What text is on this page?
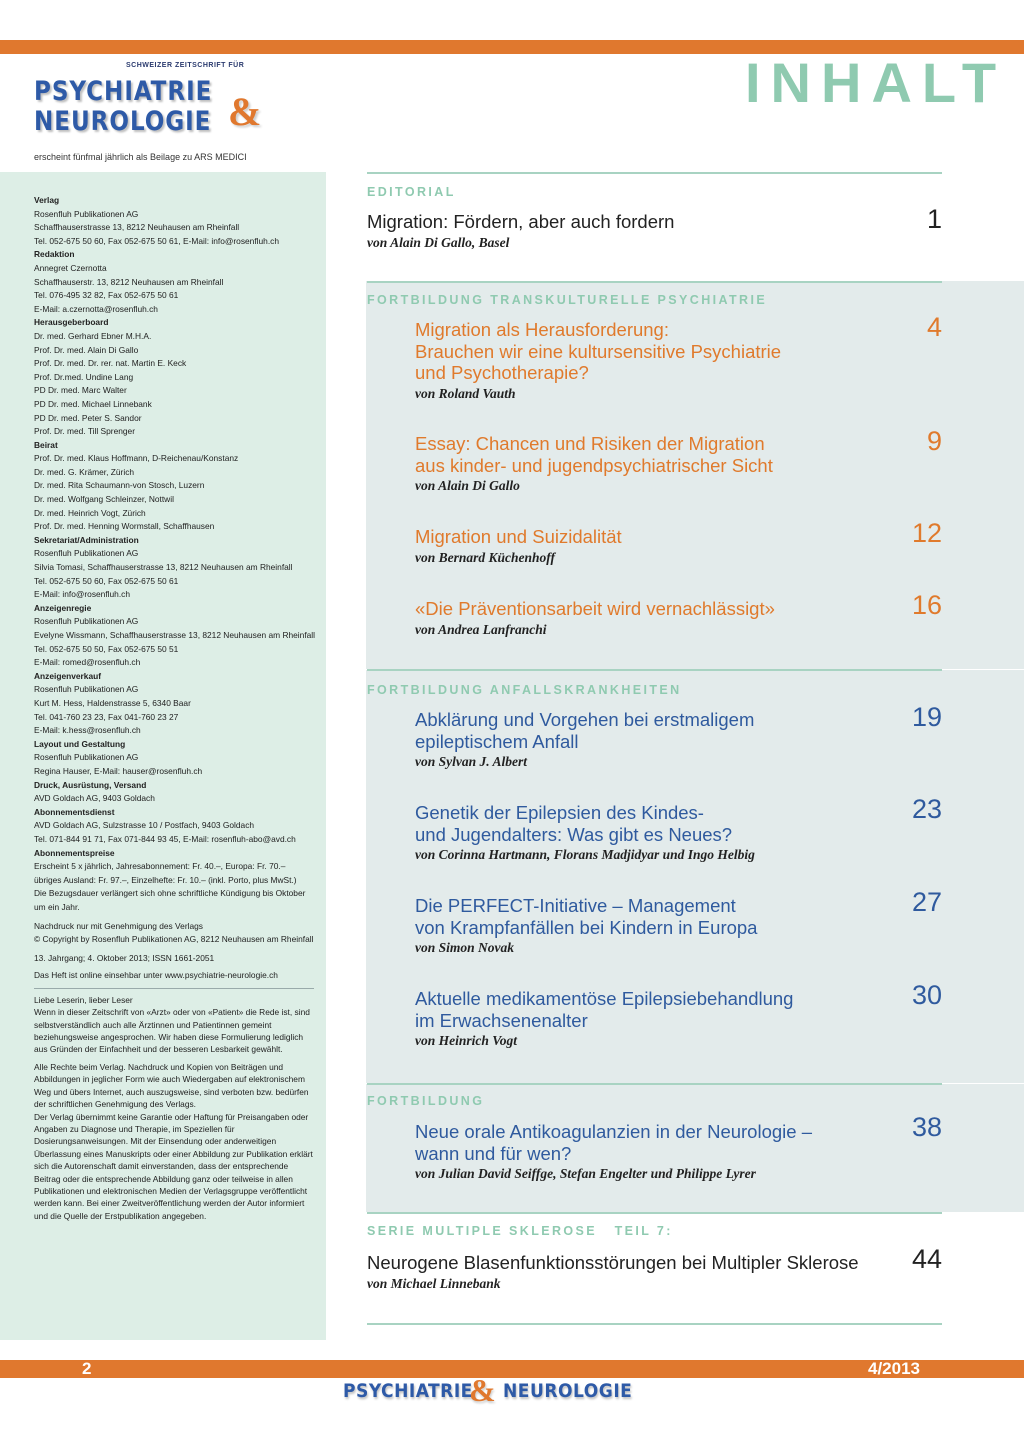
SCHWEIZER ZEITSCHRIFT FÜR
PSYCHIATRIE &
NEUROLOGIE
erscheint fünfmal jährlich als Beilage zu ARS MEDICI
INHALT
Verlag
Rosenfluh Publikationen AG
Schaffhauserstrasse 13, 8212 Neuhausen am Rheinfall
Tel. 052-675 50 60, Fax 052-675 50 61, E-Mail: info@rosenfluh.ch
Redaktion
Annegret Czernotta
Schaffhauserstr. 13, 8212 Neuhausen am Rheinfall
Tel. 076-495 32 82, Fax 052-675 50 61
E-Mail: a.czernotta@rosenfluh.ch
Herausgeberboard
Dr. med. Gerhard Ebner M.H.A.
Prof. Dr. med. Alain Di Gallo
Prof. Dr. med. Dr. rer. nat. Martin E. Keck
Prof. Dr.med. Undine Lang
PD Dr. med. Marc Walter
PD Dr. med. Michael Linnebank
PD Dr. med. Peter S. Sandor
Prof. Dr. med. Till Sprenger
Beirat
Prof. Dr. med. Klaus Hoffmann, D-Reichenau/Konstanz
Dr. med. G. Krämer, Zürich
Dr. med. Rita Schaumann-von Stosch, Luzern
Dr. med. Wolfgang Schleinzer, Nottwil
Dr. med. Heinrich Vogt, Zürich
Prof. Dr. med. Henning Wormstall, Schaffhausen
Sekretariat/Administration
Rosenfluh Publikationen AG
Silvia Tomasi, Schaffhauserstrasse 13, 8212 Neuhausen am Rheinfall
Tel. 052-675 50 60, Fax 052-675 50 61
E-Mail: info@rosenfluh.ch
Anzeigenregie
Rosenfluh Publikationen AG
Evelyne Wissmann, Schaffhauserstrasse 13, 8212 Neuhausen am Rheinfall
Tel. 052-675 50 50, Fax 052-675 50 51
E-Mail: romed@rosenfluh.ch
Anzeigenverkauf
Rosenfluh Publikationen AG
Kurt M. Hess, Haldenstrasse 5, 6340 Baar
Tel. 041-760 23 23, Fax 041-760 23 27
E-Mail: k.hess@rosenfluh.ch
Layout und Gestaltung
Rosenfluh Publikationen AG
Regina Hauser, E-Mail: hauser@rosenfluh.ch
Druck, Ausrüstung, Versand
AVD Goldach AG, 9403 Goldach
Abonnementsdienst
AVD Goldach AG, Sulzstrasse 10 / Postfach, 9403 Goldach
Tel. 071-844 91 71, Fax 071-844 93 45, E-Mail: rosenfluh-abo@avd.ch
Abonnementspreise
Erscheint 5 x jährlich, Jahresabonnement: Fr. 40.–, Europa: Fr. 70.–
übriges Ausland: Fr. 97.–, Einzelhefte: Fr. 10.– (inkl. Porto, plus MwSt.)
Die Bezugsdauer verlängert sich ohne schriftliche Kündigung bis Oktober
um ein Jahr.
Nachdruck nur mit Genehmigung des Verlags
© Copyright by Rosenfluh Publikationen AG, 8212 Neuhausen am Rheinfall
13. Jahrgang; 4. Oktober 2013; ISSN 1661-2051
Das Heft ist online einsehbar unter www.psychiatrie-neurologie.ch
Liebe Leserin, lieber Leser
Wenn in dieser Zeitschrift von «Arzt» oder von «Patient» die Rede ist, sind selbstverständlich auch alle Ärztinnen und Patientinnen gemeint beziehungsweise angesprochen. Wir haben diese Formulierung lediglich aus Gründen der Einfachheit und der besseren Lesbarkeit gewählt.
Alle Rechte beim Verlag. Nachdruck und Kopien von Beiträgen und Abbildungen in jeglicher Form wie auch Wiedergaben auf elektronischem Weg und übers Internet, auch auszugsweise, sind verboten bzw. bedürfen der schriftlichen Genehmigung des Verlags.
Der Verlag übernimmt keine Garantie oder Haftung für Preisangaben oder Angaben zu Diagnose und Therapie, im Speziellen für Dosierungsanweisungen. Mit der Einsendung oder anderweitigen Überlassung eines Manuskripts oder einer Abbildung zur Publikation erklärt sich die Autorenschaft damit einverstanden, dass der entsprechende Beitrag oder die entsprechende Abbildung ganz oder teilweise in allen Publikationen und elektronischen Medien der Verlagsgruppe veröffentlicht werden kann. Bei einer Zweitveröffentlichung werden der Autor informiert und die Quelle der Erstpublikation angegeben.
EDITORIAL
FORTBILDUNG TRANSKULTURELLE PSYCHIATRIE
FORTBILDUNG ANFALLSKRANKHEITEN
FORTBILDUNG
SERIE MULTIPLE SKLEROSE   TEIL 7:
Migration: Fördern, aber auch fordern
von Alain Di Gallo, Basel
1
Migration als Herausforderung:
Brauchen wir eine kultursensitive Psychiatrie
und Psychotherapie?
von Roland Vauth
4
Essay: Chancen und Risiken der Migration
aus kinder- und jugendpsychiatrischer Sicht
von Alain Di Gallo
9
Migration und Suizidalität
von Bernard Küchenhoff
12
«Die Präventionsarbeit wird vernachlässigt»
von Andrea Lanfranchi
16
Abklärung und Vorgehen bei erstmaligem
epileptischem Anfall
von Sylvan J. Albert
19
Genetik der Epilepsien des Kindes-
und Jugendalters: Was gibt es Neues?
von Corinna Hartmann, Florans Madjidyar und Ingo Helbig
23
Die PERFECT-Initiative – Management
von Krampfanfällen bei Kindern in Europa
von Simon Novak
27
Aktuelle medikamentöse Epilepsiebehandlung
im Erwachsenenalter
von Heinrich Vogt
30
Neue orale Antikoagulanzien in der Neurologie –
wann und für wen?
von Julian David Seiffge, Stefan Engelter und Philippe Lyrer
38
Neurogene Blasenfunktionsstörungen bei Multipler Sklerose
von Michael Linnebank
44
2	4/2013
PSYCHIATRIE
& NEUROLOGIE
